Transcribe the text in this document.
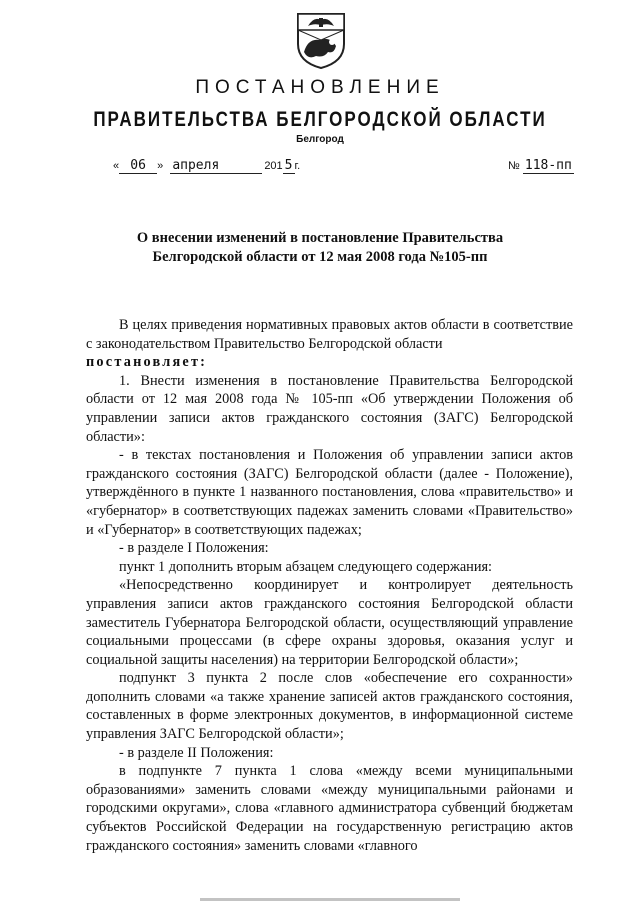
ПОСТАНОВЛЕНИЕ
ПРАВИТЕЛЬСТВА БЕЛГОРОДСКОЙ ОБЛАСТИ
Белгород
« 06 » апреля	201 5 г.	№ 118-пп
О внесении изменений в постановление Правительства
Белгородской области от 12 мая 2008 года №105-пп

В целях приведения нормативных правовых актов области в соответствие с законодательством Правительство Белгородской области

постановляет:

1. Внести изменения в постановление Правительства Белгородской области от 12 мая 2008 года № 105-пп «Об утверждении Положения об управлении записи актов гражданского состояния (ЗАГС) Белгородской области»:

- в текстах постановления и Положения об управлении записи актов гражданского состояния (ЗАГС) Белгородской области (далее - Положение), утверждённого в пункте 1 названного постановления, слова «правительство» и «губернатор» в соответствующих падежах заменить словами «Правительство» и «Губернатор» в соответствующих падежах;

- в разделе I Положения:

пункт 1 дополнить вторым абзацем следующего содержания:

«Непосредственно координирует и контролирует деятельность управления записи актов гражданского состояния Белгородской области заместитель Губернатора Белгородской области, осуществляющий управление социальными процессами (в сфере охраны здоровья, оказания услуг и социальной защиты населения) на территории Белгородской области»;

подпункт 3 пункта 2 после слов «обеспечение его сохранности» дополнить словами «а также хранение записей актов гражданского состояния, составленных в форме электронных документов, в информационной системе управления ЗАГС Белгородской области»;

- в разделе II Положения:

в подпункте 7 пункта 1 слова «между всеми муниципальными образованиями» заменить словами «между муниципальными районами и городскими округами», слова «главного администратора субвенций бюджетам субъектов Российской Федерации на государственную регистрацию актов гражданского состояния» заменить словами «главного
